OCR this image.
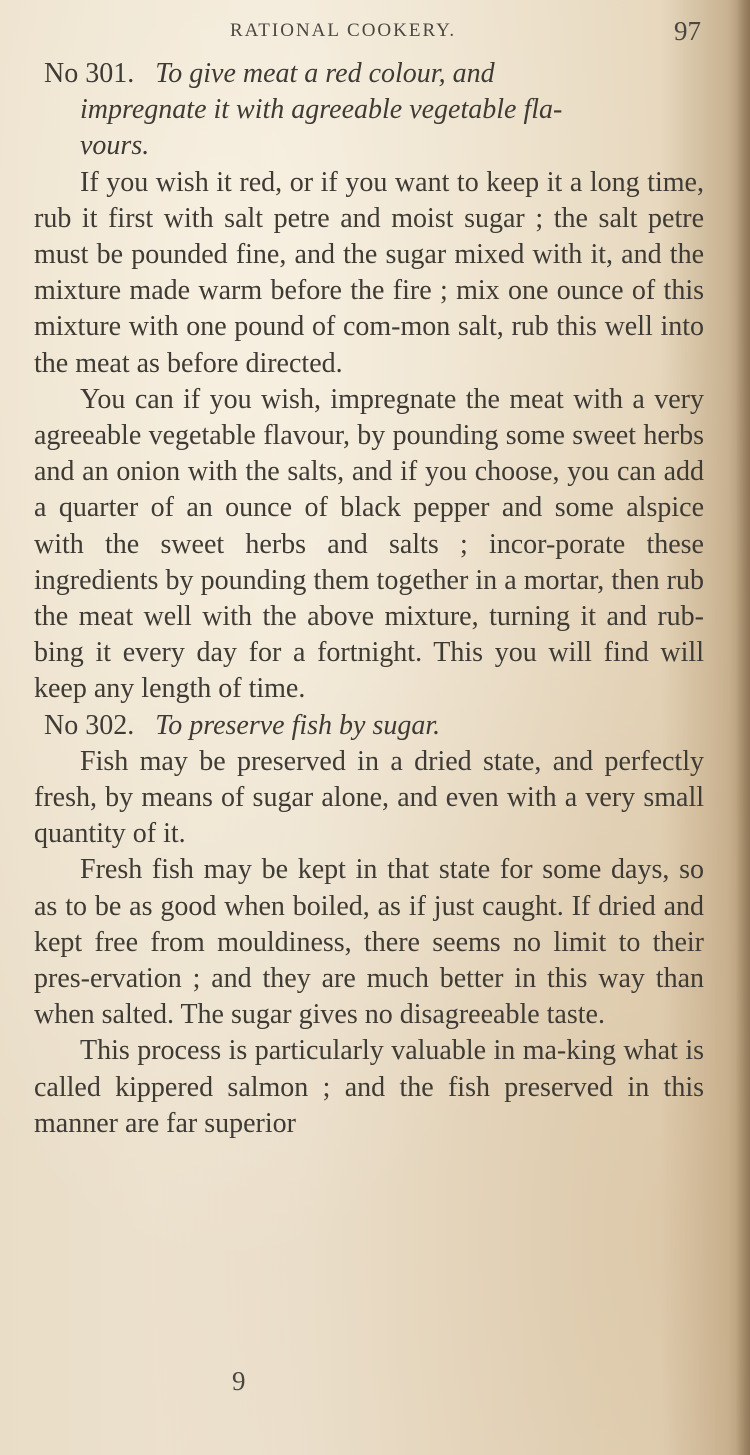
RATIONAL COOKERY.	97

No 301. To give meat a red colour, and
impregnate it with agreeable vegetable fla-
vours.

If you wish it red, or if you want to keep it a long time, rub it first with salt petre and moist sugar ; the salt petre must be pounded fine, and the sugar mixed with it, and the mixture made warm before the fire ; mix one ounce of this mixture with one pound of com-mon salt, rub this well into the meat as before directed.

You can if you wish, impregnate the meat with a very agreeable vegetable flavour, by pounding some sweet herbs and an onion with the salts, and if you choose, you can add a quarter of an ounce of black pepper and some alspice with the sweet herbs and salts ; incor-porate these ingredients by pounding them together in a mortar, then rub the meat well with the above mixture, turning it and rub-bing it every day for a fortnight. This you will find will keep any length of time.

No 302. To preserve fish by sugar.

Fish may be preserved in a dried state, and perfectly fresh, by means of sugar alone, and even with a very small quantity of it.

Fresh fish may be kept in that state for some days, so as to be as good when boiled, as if just caught. If dried and kept free from mouldiness, there seems no limit to their pres-ervation ; and they are much better in this way than when salted. The sugar gives no disagreeable taste.

This process is particularly valuable in ma-king what is called kippered salmon ; and the fish preserved in this manner are far superior

9
